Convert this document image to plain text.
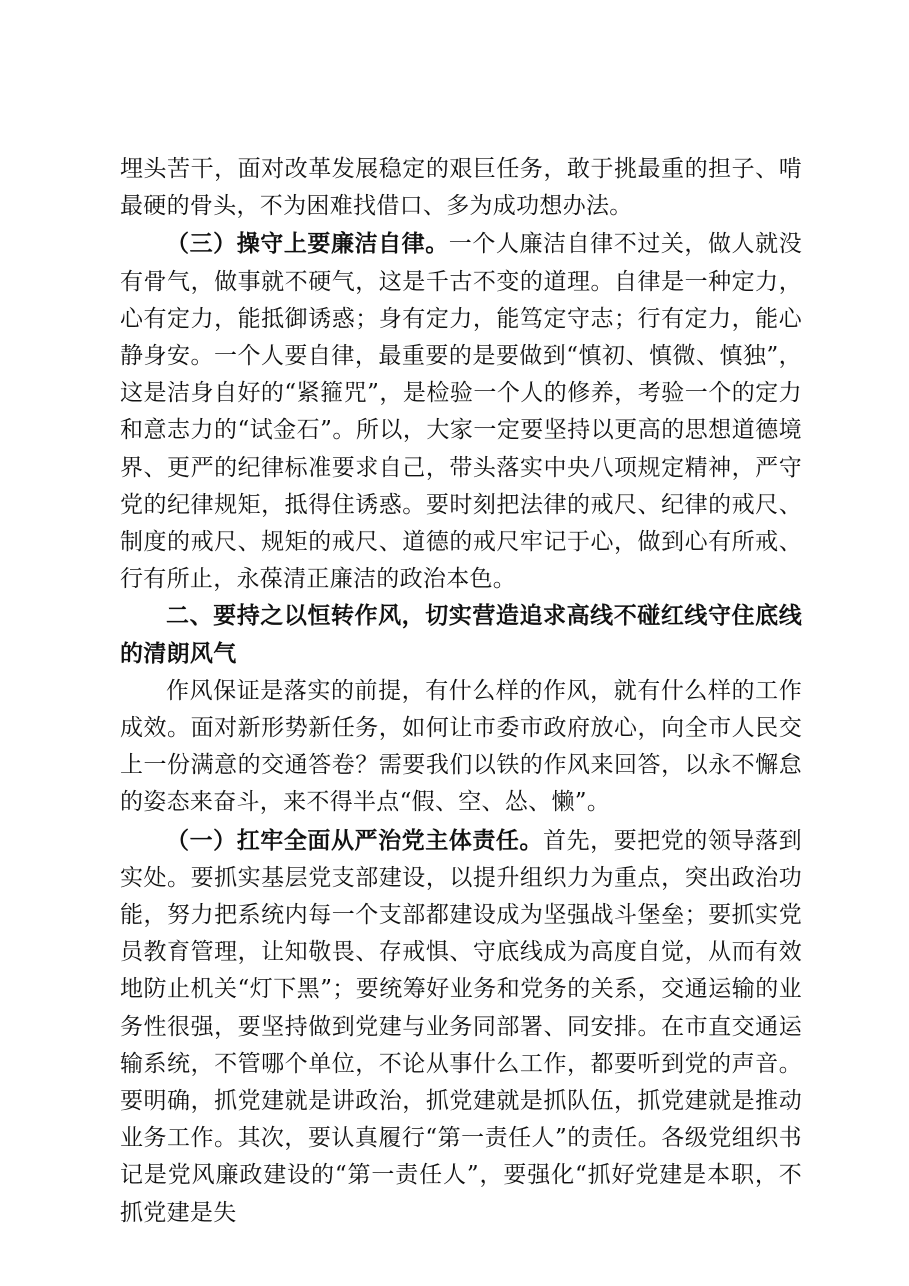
埋头苦干，面对改革发展稳定的艰巨任务，敢于挑最重的担子、啃最硬的骨头，不为困难找借口、多为成功想办法。

（三）操守上要廉洁自律。一个人廉洁自律不过关，做人就没有骨气，做事就不硬气，这是千古不变的道理。自律是一种定力，心有定力，能抵御诱惑；身有定力，能笃定守志；行有定力，能心静身安。一个人要自律，最重要的是要做到“慎初、慎微、慎独”，这是洁身自好的“紧箍咒”，是检验一个人的修养，考验一个的定力和意志力的“试金石”。所以，大家一定要坚持以更高的思想道德境界、更严的纪律标准要求自己，带头落实中央八项规定精神，严守党的纪律规矩，抵得住诱惑。要时刻把法律的戒尺、纪律的戒尺、制度的戒尺、规矩的戒尺、道德的戒尺牢记于心，做到心有所戒、行有所止，永葆清正廉洁的政治本色。

二、要持之以恒转作风，切实营造追求高线不碰红线守住底线的清朗风气

作风保证是落实的前提，有什么样的作风，就有什么样的工作成效。面对新形势新任务，如何让市委市政府放心，向全市人民交上一份满意的交通答卷？需要我们以铁的作风来回答，以永不懈怠的姿态来奋斗，来不得半点“假、空、怂、懒”。

（一）扛牢全面从严治党主体责任。首先，要把党的领导落到实处。要抓实基层党支部建设，以提升组织力为重点，突出政治功能，努力把系统内每一个支部都建设成为坚强战斗堡垒；要抓实党员教育管理，让知敬畏、存戒惧、守底线成为高度自觉，从而有效地防止机关“灯下黑”；要统筹好业务和党务的关系，交通运输的业务性很强，要坚持做到党建与业务同部署、同安排。在市直交通运输系统，不管哪个单位，不论从事什么工作，都要听到党的声音。要明确，抓党建就是讲政治，抓党建就是抓队伍，抓党建就是推动业务工作。其次，要认真履行“第一责任人”的责任。各级党组织书记是党风廉政建设的“第一责任人”，要强化“抓好党建是本职，不抓党建是失
